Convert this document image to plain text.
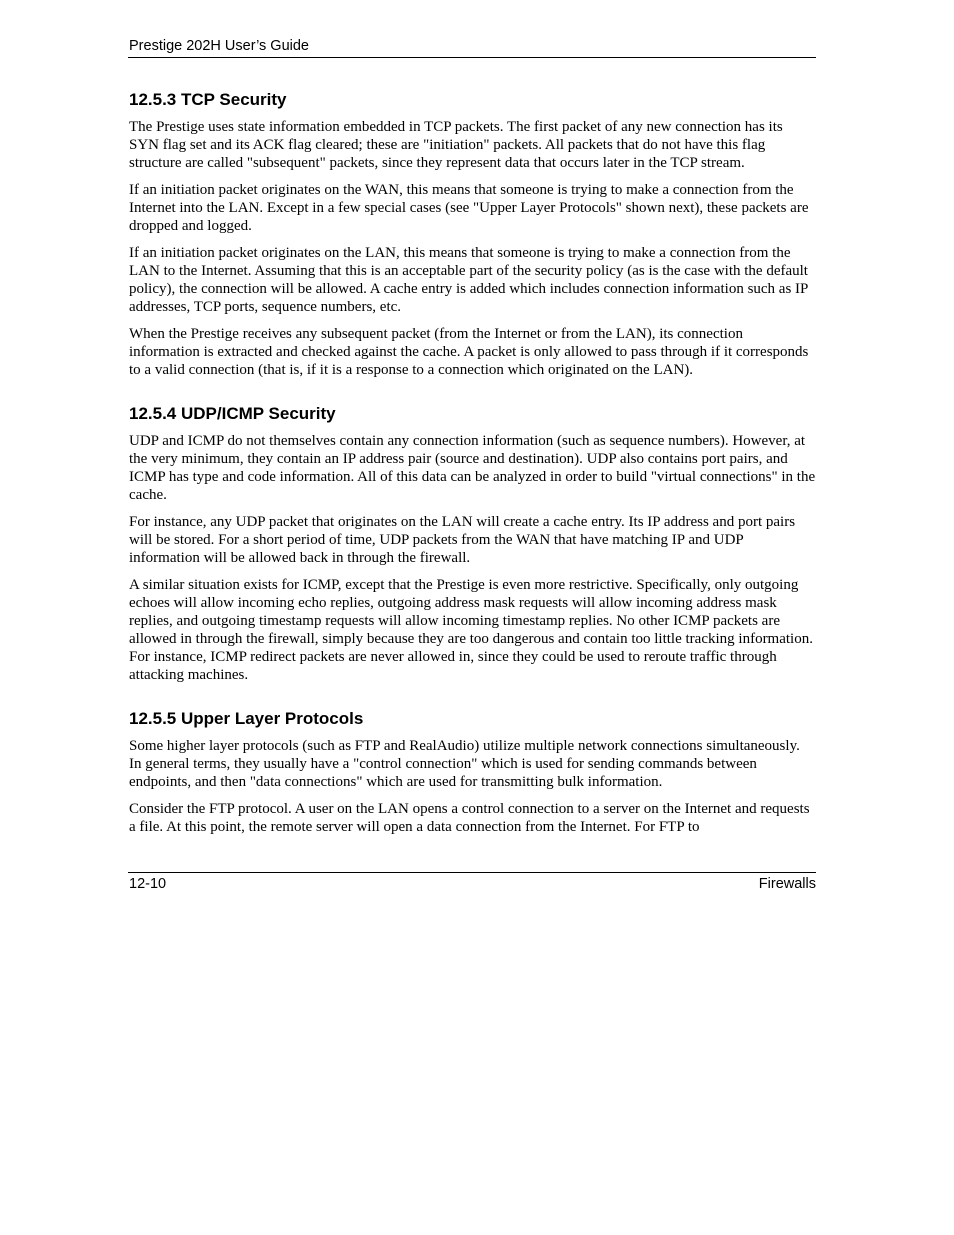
Prestige 202H User’s Guide
12.5.3 TCP Security

The Prestige uses state information embedded in TCP packets. The first packet of any new connection has its SYN flag set and its ACK flag cleared; these are "initiation" packets. All packets that do not have this flag structure are called "subsequent" packets, since they represent data that occurs later in the TCP stream.

If an initiation packet originates on the WAN, this means that someone is trying to make a connection from the Internet into the LAN. Except in a few special cases (see "Upper Layer Protocols" shown next), these packets are dropped and logged.

If an initiation packet originates on the LAN, this means that someone is trying to make a connection from the LAN to the Internet. Assuming that this is an acceptable part of the security policy (as is the case with the default policy), the connection will be allowed. A cache entry is added which includes connection information such as IP addresses, TCP ports, sequence numbers, etc.

When the Prestige receives any subsequent packet (from the Internet or from the LAN), its connection information is extracted and checked against the cache. A packet is only allowed to pass through if it corresponds to a valid connection (that is, if it is a response to a connection which originated on the LAN).

12.5.4 UDP/ICMP Security

UDP and ICMP do not themselves contain any connection information (such as sequence numbers). However, at the very minimum, they contain an IP address pair (source and destination). UDP also contains port pairs, and ICMP has type and code information. All of this data can be analyzed in order to build "virtual connections" in the cache.

For instance, any UDP packet that originates on the LAN will create a cache entry. Its IP address and port pairs will be stored. For a short period of time, UDP packets from the WAN that have matching IP and UDP information will be allowed back in through the firewall.

A similar situation exists for ICMP, except that the Prestige is even more restrictive. Specifically, only outgoing echoes will allow incoming echo replies, outgoing address mask requests will allow incoming address mask replies, and outgoing timestamp requests will allow incoming timestamp replies. No other ICMP packets are allowed in through the firewall, simply because they are too dangerous and contain too little tracking information. For instance, ICMP redirect packets are never allowed in, since they could be used to reroute traffic through attacking machines.

12.5.5 Upper Layer Protocols

Some higher layer protocols (such as FTP and RealAudio) utilize multiple network connections simultaneously. In general terms, they usually have a "control connection" which is used for sending commands between endpoints, and then "data connections" which are used for transmitting bulk information.

Consider the FTP protocol. A user on the LAN opens a control connection to a server on the Internet and requests a file. At this point, the remote server will open a data connection from the Internet. For FTP to

12-10	Firewalls
